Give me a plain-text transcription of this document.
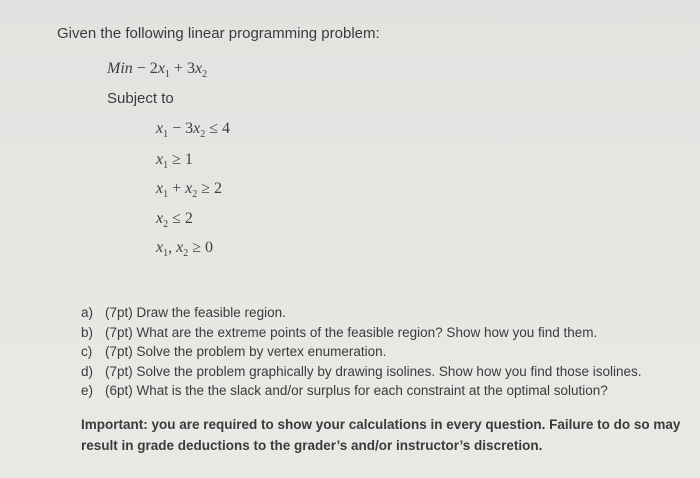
Given the following linear programming problem:
Min − $2x_1 + 3x_2$
Subject to
$x_1 - 3x_2 \le 4$
$x_1 \ge 1$
$x_1 + x_2 \ge 2$
$x_2 \le 2$
$x_1$, $x_2 \ge 0$
a) (7pt) Draw the feasible region.
b) (7pt) What are the extreme points of the feasible region? Show how you find them.
c) (7pt) Solve the problem by vertex enumeration.
d) (7pt) Solve the problem graphically by drawing isolines. Show how you find those isolines.
e) (6pt) What is the the slack and/or surplus for each constraint at the optimal solution?
Important: you are required to show your calculations in every question. Failure to do so may result in grade deductions to the grader’s and/or instructor’s discretion.
